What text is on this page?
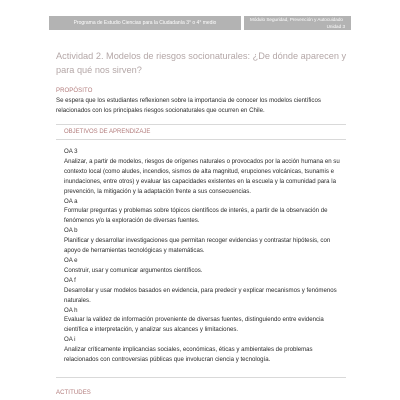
Programa de Estudio Ciencias para la Ciudadanía 3° o 4° medio
Módulo Seguridad, Prevención y Autocuidado
Unidad 3
Actividad 2. Modelos de riesgos socionaturales: ¿De dónde aparecen y para qué nos sirven?
PROPÓSITO
Se espera que los estudiantes reflexionen sobre la importancia de conocer los modelos científicos relacionados con los principales riesgos socionaturales que ocurren en Chile.
OBJETIVOS DE APRENDIZAJE

OA 3

Analizar, a partir de modelos, riesgos de orígenes naturales o provocados por la acción humana en su contexto local (como aludes, incendios, sismos de alta magnitud, erupciones volcánicas, tsunamis e inundaciones, entre otros) y evaluar las capacidades existentes en la escuela y la comunidad para la prevención, la mitigación y la adaptación frente a sus consecuencias.

OA a

Formular preguntas y problemas sobre tópicos científicos de interés, a partir de la observación de fenómenos y/o la exploración de diversas fuentes.

OA b

Planificar y desarrollar investigaciones que permitan recoger evidencias y contrastar hipótesis, con apoyo de herramientas tecnológicas y matemáticas.

OA e

Construir, usar y comunicar argumentos científicos.

OA f

Desarrollar y usar modelos basados en evidencia, para predecir y explicar mecanismos y fenómenos naturales.

OA h

Evaluar la validez de información proveniente de diversas fuentes, distinguiendo entre evidencia científica e interpretación, y analizar sus alcances y limitaciones.

OA i

Analizar críticamente implicancias sociales, económicas, éticas y ambientales de problemas relacionados con controversias públicas que involucran ciencia y tecnología.

ACTITUDES
